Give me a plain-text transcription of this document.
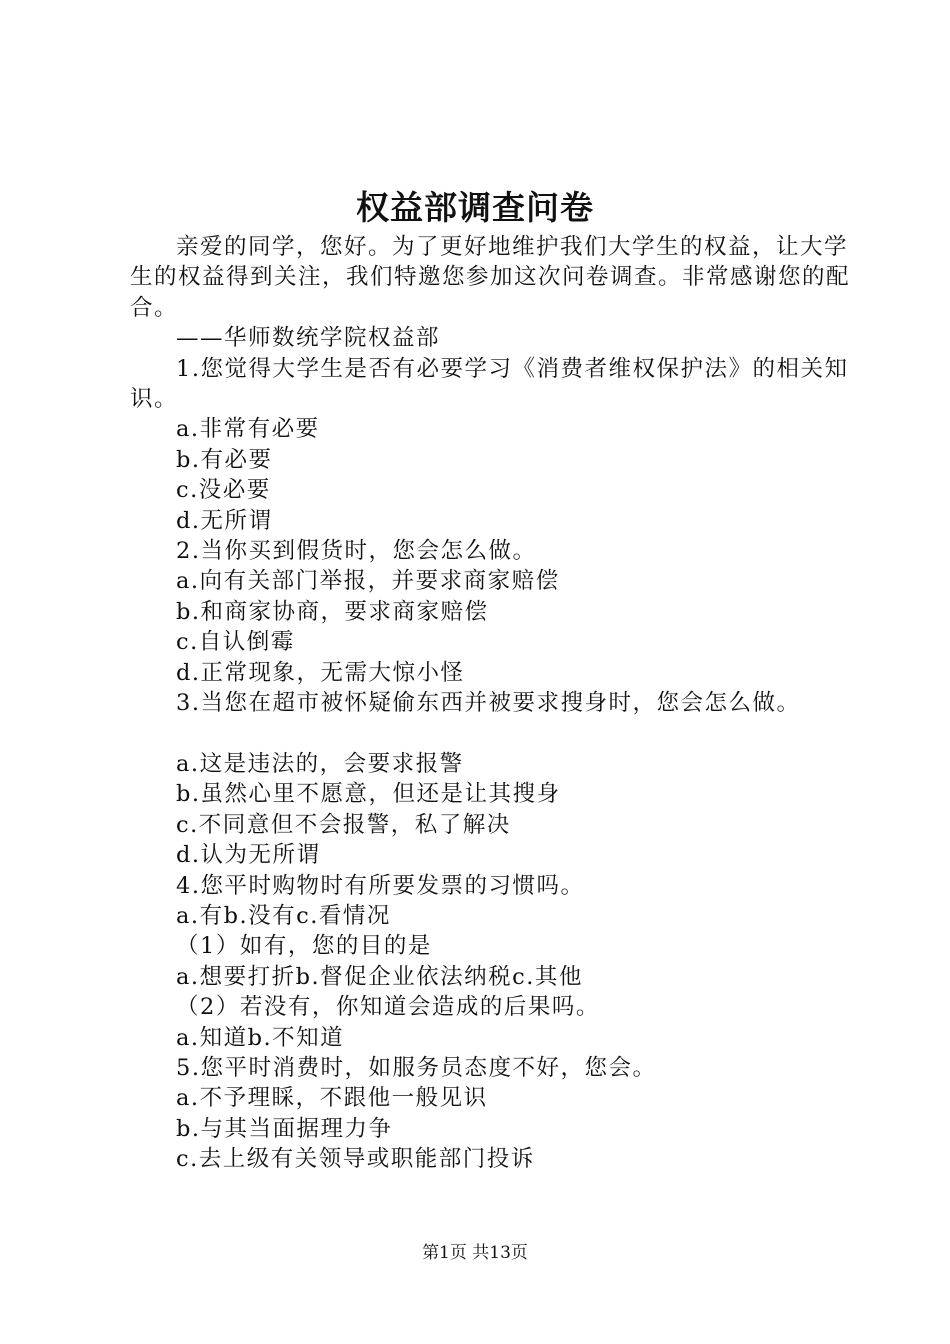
权益部调查问卷

亲爱的同学，您好。为了更好地维护我们大学生的权益，让大学生的权益得到关注，我们特邀您参加这次问卷调查。非常感谢您的配合。

——华师数统学院权益部

1.您觉得大学生是否有必要学习《消费者维权保护法》的相关知识。

a.非常有必要

b.有必要

c.没必要

d.无所谓

2.当你买到假货时，您会怎么做。

a.向有关部门举报，并要求商家赔偿

b.和商家协商，要求商家赔偿

c.自认倒霉

d.正常现象，无需大惊小怪

3.当您在超市被怀疑偷东西并被要求搜身时，您会怎么做。

a.这是违法的，会要求报警

b.虽然心里不愿意，但还是让其搜身

c.不同意但不会报警，私了解决

d.认为无所谓

4.您平时购物时有所要发票的习惯吗。

a.有b.没有c.看情况

（1）如有，您的目的是

a.想要打折b.督促企业依法纳税c.其他

（2）若没有，你知道会造成的后果吗。

a.知道b.不知道

5.您平时消费时，如服务员态度不好，您会。

a.不予理睬，不跟他一般见识

b.与其当面据理力争

c.去上级有关领导或职能部门投诉

第1页 共13页
